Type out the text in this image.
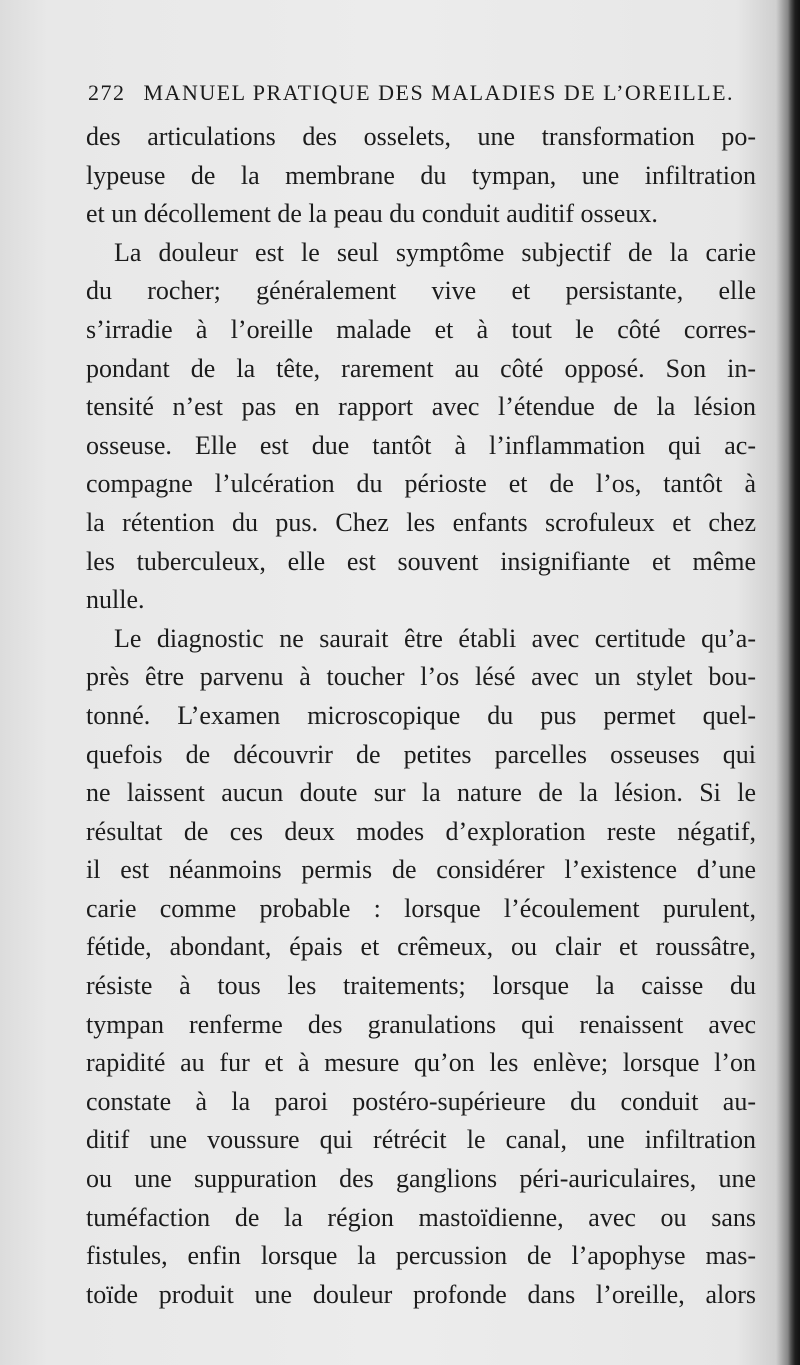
272 MANUEL PRATIQUE DES MALADIES DE L’OREILLE.
des articulations des osselets, une transformation po-
lypeuse de la membrane du tympan, une infiltration
et un décollement de la peau du conduit auditif osseux.
La douleur est le seul symptôme subjectif de la carie
du rocher; généralement vive et persistante, elle
s’irradie à l’oreille malade et à tout le côté corres-
pondant de la tête, rarement au côté opposé. Son in-
tensité n’est pas en rapport avec l’étendue de la lésion
osseuse. Elle est due tantôt à l’inflammation qui ac-
compagne l’ulcération du périoste et de l’os, tantôt à
la rétention du pus. Chez les enfants scrofuleux et chez
les tuberculeux, elle est souvent insignifiante et même
nulle.
Le diagnostic ne saurait être établi avec certitude qu’a-
près être parvenu à toucher l’os lésé avec un stylet bou-
tonné. L’examen microscopique du pus permet quel-
quefois de découvrir de petites parcelles osseuses qui
ne laissent aucun doute sur la nature de la lésion. Si le
résultat de ces deux modes d’exploration reste négatif,
il est néanmoins permis de considérer l’existence d’une
carie comme probable : lorsque l’écoulement purulent,
fétide, abondant, épais et crêmeux, ou clair et roussâtre,
résiste à tous les traitements; lorsque la caisse du
tympan renferme des granulations qui renaissent avec
rapidité au fur et à mesure qu’on les enlève; lorsque l’on
constate à la paroi postéro-supérieure du conduit au-
ditif une voussure qui rétrécit le canal, une infiltration
ou une suppuration des ganglions péri-auriculaires, une
tuméfaction de la région mastoïdienne, avec ou sans
fistules, enfin lorsque la percussion de l’apophyse mas-
toïde produit une douleur profonde dans l’oreille, alors
